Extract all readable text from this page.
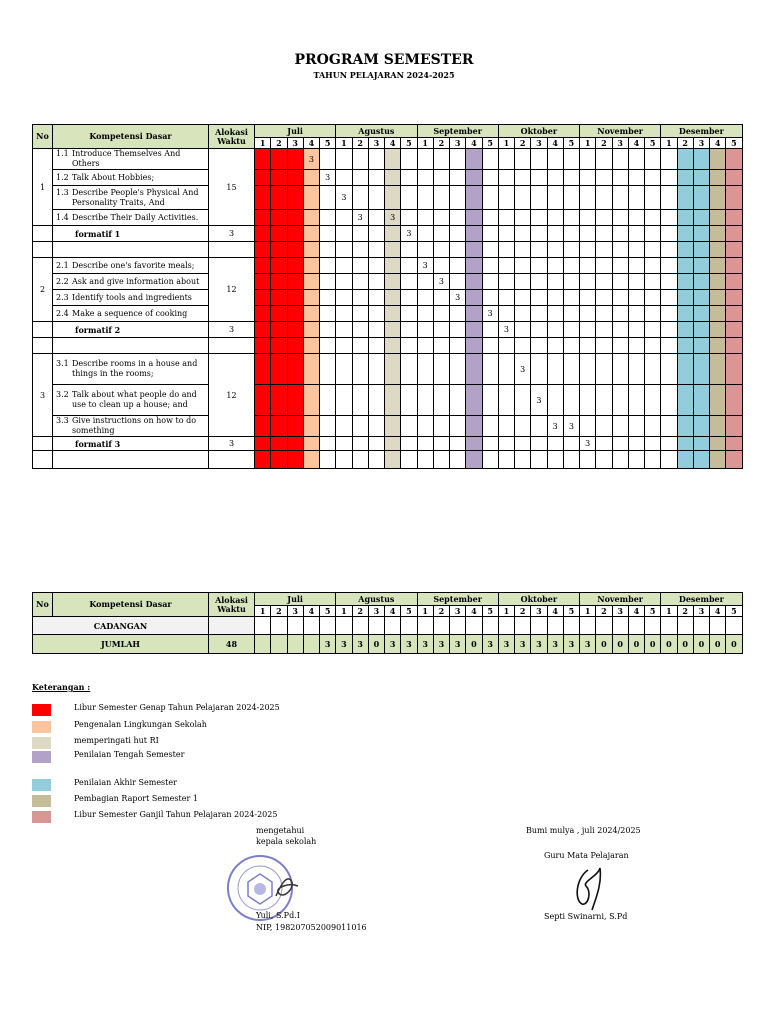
PROGRAM SEMESTER
TAHUN PELAJARAN 2024-2025
No	Kompetensi Dasar	Alokasi Waktu	Juli					Agustus					September					Oktober					November					Desember				
			1	2	3	4	5	1	2	3	4	5	1	2	3	4	5	1	2	3	4	5	1	2	3	4	5	1	2	3	4	5
1	1.1 Introduce Themselves And Others	15				3																										
	1.2 Talk About Hobbies;						3																									
	1.3 Describe People's Physical And Personality Traits, And							3																								
	1.4 Describe Their Daily Activities.								3		3																					
	formatif 1	3										3																				

2	2.1 Describe one's favorite meals;	12											3																			
	2.2 Ask and give information about													3																		
	2.3 Identify tools and ingredients														3																	
	2.4 Make a sequence of cooking																3															
	formatif 2	3																3														

3	3.1 Describe rooms in a house and things in the rooms;	12																	3													
	3.2 Talk about what people do and use to clean up a house; and																			3												
	3.3 Give instructions on how to do something																				3	3										
	formatif 3	3																					3									

No	Kompetensi Dasar	Alokasi Waktu	Juli					Agustus					September					Oktober					November					Desember				
			1	2	3	4	5	1	2	3	4	5	1	2	3	4	5	1	2	3	4	5	1	2	3	4	5	1	2	3	4	5
CADANGAN																																
JUMLAH		48					3	3	3	0	3	3	3	3	3	0	3	3	3	3	3	3	3	0	0	0	0	0	0	0	0	0
Keterangan :
Libur Semester Genap Tahun Pelajaran 2024-2025
Pengenalan Lingkungan Sekolah
memperingati hut RI
Penilaian Tengah Semester
Penilaian Akhir Semester
Pembagian Raport Semester 1
Libur Semester Ganjil Tahun Pelajaran 2024-2025
mengetahui
kepala sekolah
Yuli, S.Pd.I
NIP, 198207052009011016
Bumi mulya , juli 2024/2025
Guru Mata Pelajaran
Septi Swinarni, S.Pd
